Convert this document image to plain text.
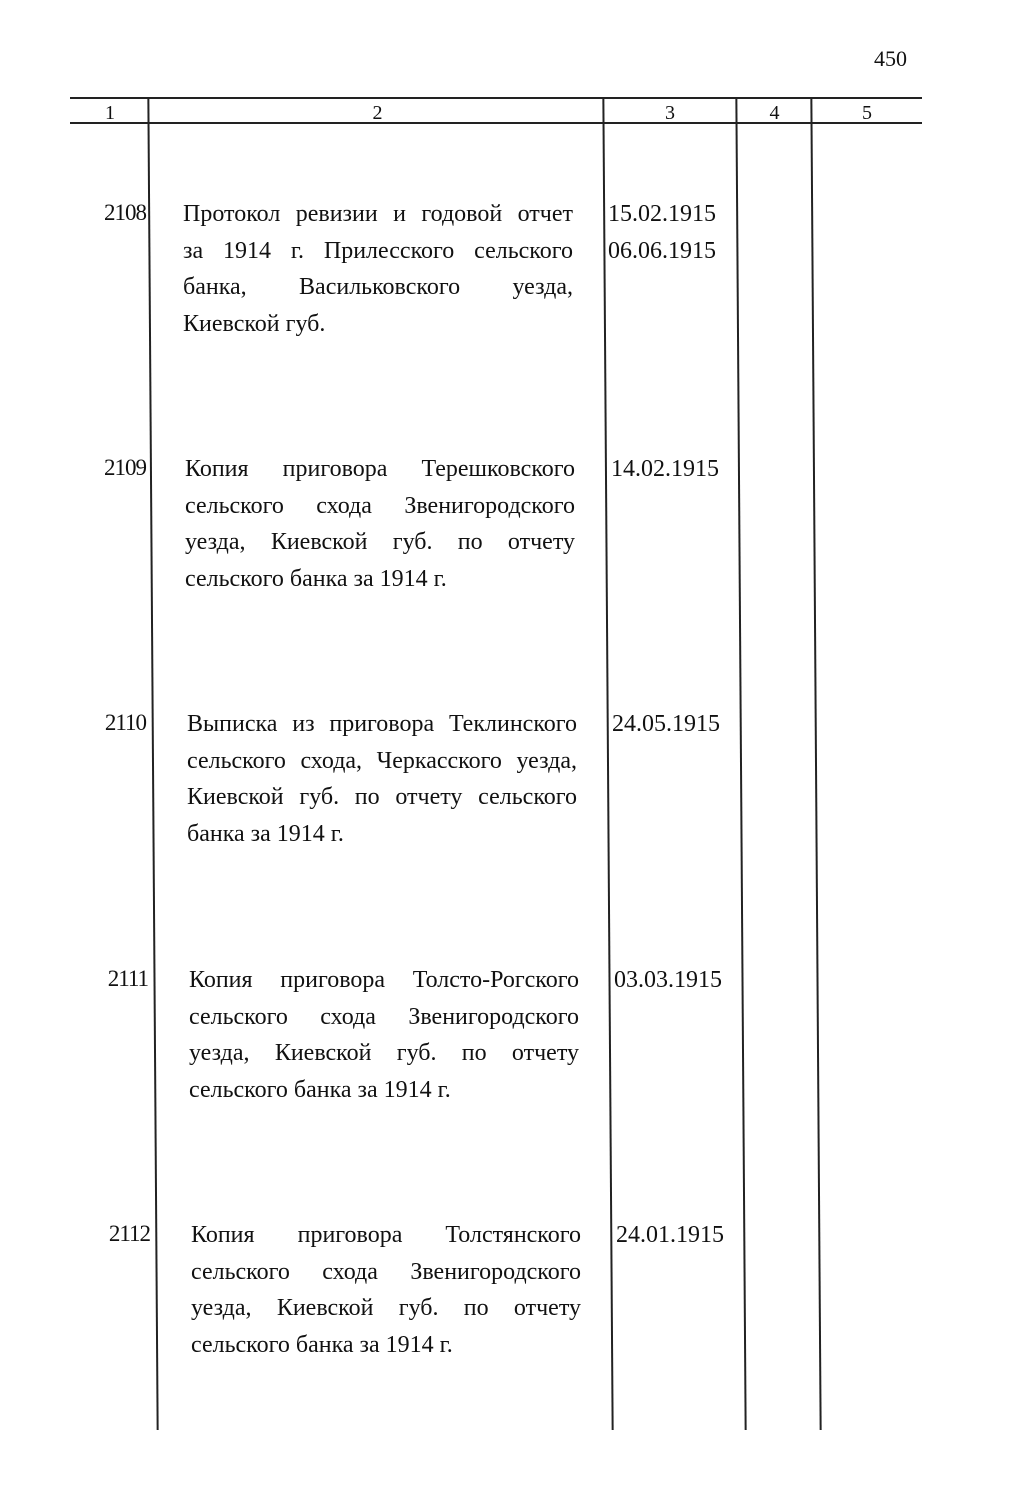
450
1	2	3	4	5
2108 Протокол ревизии и годовой отчет
за 1914 г. Прилесского сельского
банка, Васильковского уезда,
Киевской губ.
15.02.1915
06.06.1915
2109 Копия приговора Терешковского
сельского схода Звенигородского
уезда, Киевской губ. по отчету
сельского банка за 1914 г.
14.02.1915
2110 Выписка из приговора Теклинского
сельского схода, Черкасского уезда,
Киевской губ. по отчету сельского
банка за 1914 г.
24.05.1915
2111 Копия приговора Толсто-Рогского
сельского схода Звенигородского
уезда, Киевской губ. по отчету
сельского банка за 1914 г.
03.03.1915
2112 Копия приговора Толстянского
сельского схода Звенигородского
уезда, Киевской губ. по отчету
сельского банка за 1914 г.
24.01.1915
